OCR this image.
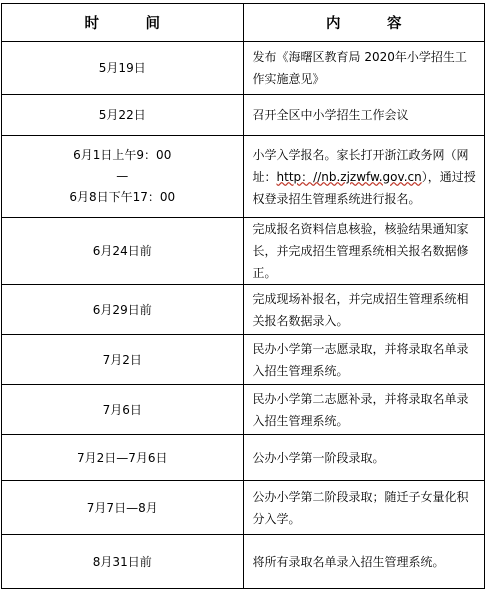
时　间	内　容
5月19日	发布《海曙区教育局 2020年小学招生工作实施意见》
5月22日	召开全区中小学招生工作会议

6月1日上午9：00
—
6月8日下午17：00	小学入学报名。家长打开浙江政务网（网址：http：//nb.zjzwfw.gov.cn），通过授权登录招生管理系统进行报名。
6月24日前	完成报名资料信息核验，核验结果通知家长，并完成招生管理系统相关报名数据修正。
6月29日前	完成现场补报名，并完成招生管理系统相关报名数据录入。
7月2日	民办小学第一志愿录取，并将录取名单录入招生管理系统。
7月6日	民办小学第二志愿补录，并将录取名单录入招生管理系统。
7月2日—7月6日	公办小学第一阶段录取。
7月7日—8月	公办小学第二阶段录取；随迁子女量化积分入学。
8月31日前	将所有录取名单录入招生管理系统。
